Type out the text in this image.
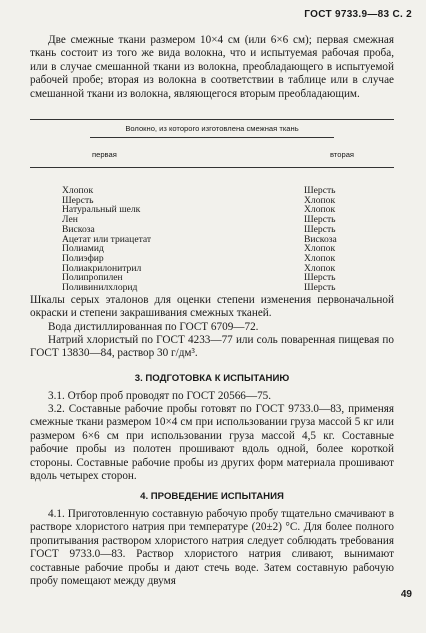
ГОСТ 9733.9—83 С. 2

Две смежные ткани размером 10×4 см (или 6×6 см); первая смежная ткань состоит из того же вида волокна, что и испытуемая рабочая проба, или в случае смешанной ткани из волокна, преобладающего в испытуемой рабочей пробе; вторая из волокна в соответствии в таблице или в случае смешанной ткани из волокна, являющегося вторым преобладающим.

Волокно, из которого изготовлена смежная ткань
первая	вторая
Хлопок	Шерсть
Шерсть	Хлопок
Натуральный шелк	Хлопок
Лен	Шерсть
Вискоза	Шерсть
Ацетат или триацетат	Вискоза
Полиамид	Хлопок
Полиэфир	Хлопок
Полиакрилонитрил	Хлопок
Полипропилен	Шерсть
Поливинилхлорид	Шерсть

Шкалы серых эталонов для оценки степени изменения первоначальной окраски и степени закрашивания смежных тканей.

Вода дистиллированная по ГОСТ 6709—72.

Натрий хлористый по ГОСТ 4233—77 или соль поваренная пищевая по ГОСТ 13830—84, раствор 30 г/дм³.

3. ПОДГОТОВКА К ИСПЫТАНИЮ

3.1. Отбор проб проводят по ГОСТ 20566—75.

3.2. Составные рабочие пробы готовят по ГОСТ 9733.0—83, применяя смежные ткани размером 10×4 см при использовании груза массой 5 кг или размером 6×6 см при использовании груза массой 4,5 кг. Составные рабочие пробы из полотен прошивают вдоль одной, более короткой стороны. Составные рабочие пробы из других форм материала прошивают вдоль четырех сторон.

4. ПРОВЕДЕНИЕ ИСПЫТАНИЯ

4.1. Приготовленную составную рабочую пробу тщательно смачивают в растворе хлористого натрия при температуре (20±2) °С. Для более полного пропитывания раствором хлористого натрия следует соблюдать требования ГОСТ 9733.0—83. Раствор хлористого натрия сливают, вынимают составные рабочие пробы и дают стечь воде. Затем составную рабочую пробу помещают между двумя

49
